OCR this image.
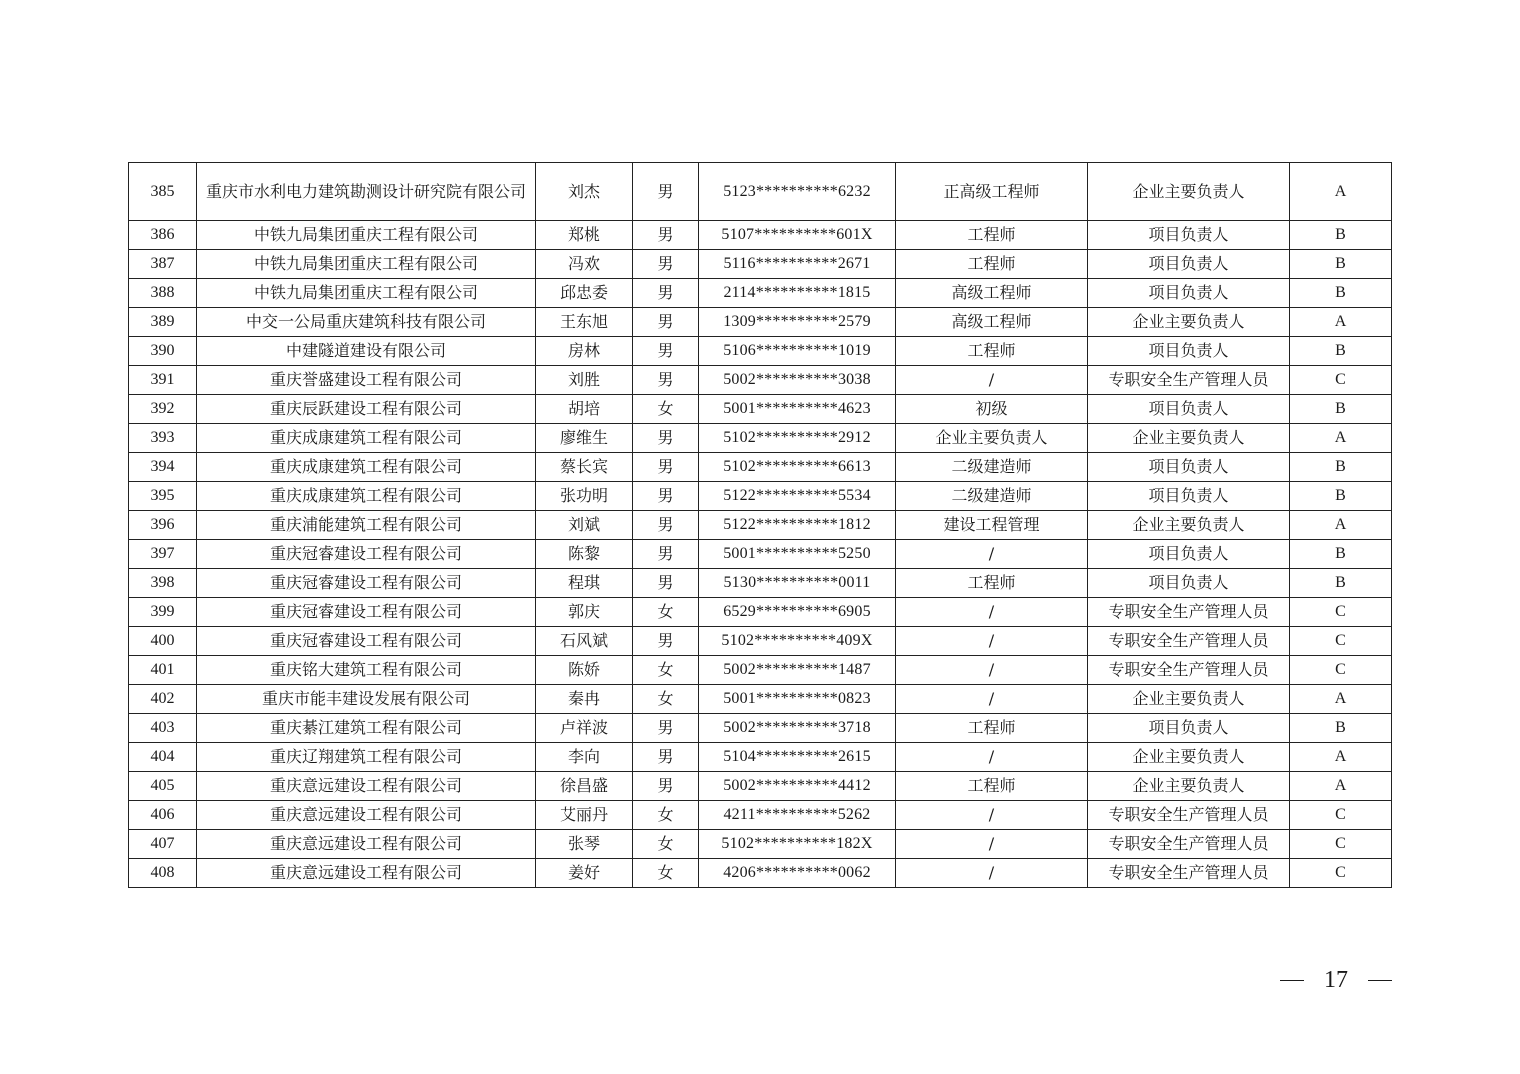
385	重庆市水利电力建筑勘测设计研究院有限公司	刘杰	男	5123**********6232	正高级工程师	企业主要负责人	A
386	中铁九局集团重庆工程有限公司	郑桃	男	5107**********601X	工程师	项目负责人	B
387	中铁九局集团重庆工程有限公司	冯欢	男	5116**********2671	工程师	项目负责人	B
388	中铁九局集团重庆工程有限公司	邱忠委	男	2114**********1815	高级工程师	项目负责人	B
389	中交一公局重庆建筑科技有限公司	王东旭	男	1309**********2579	高级工程师	企业主要负责人	A
390	中建隧道建设有限公司	房林	男	5106**********1019	工程师	项目负责人	B
391	重庆誉盛建设工程有限公司	刘胜	男	5002**********3038	/	专职安全生产管理人员	C
392	重庆辰跃建设工程有限公司	胡培	女	5001**********4623	初级	项目负责人	B
393	重庆成康建筑工程有限公司	廖维生	男	5102**********2912	企业主要负责人	企业主要负责人	A
394	重庆成康建筑工程有限公司	蔡长宾	男	5102**********6613	二级建造师	项目负责人	B
395	重庆成康建筑工程有限公司	张功明	男	5122**********5534	二级建造师	项目负责人	B
396	重庆浦能建筑工程有限公司	刘斌	男	5122**********1812	建设工程管理	企业主要负责人	A
397	重庆冠睿建设工程有限公司	陈黎	男	5001**********5250	/	项目负责人	B
398	重庆冠睿建设工程有限公司	程琪	男	5130**********0011	工程师	项目负责人	B
399	重庆冠睿建设工程有限公司	郭庆	女	6529**********6905	/	专职安全生产管理人员	C
400	重庆冠睿建设工程有限公司	石风斌	男	5102**********409X	/	专职安全生产管理人员	C
401	重庆铭大建筑工程有限公司	陈娇	女	5002**********1487	/	专职安全生产管理人员	C
402	重庆市能丰建设发展有限公司	秦冉	女	5001**********0823	/	企业主要负责人	A
403	重庆綦江建筑工程有限公司	卢祥波	男	5002**********3718	工程师	项目负责人	B
404	重庆辽翔建筑工程有限公司	李向	男	5104**********2615	/	企业主要负责人	A
405	重庆意远建设工程有限公司	徐昌盛	男	5002**********4412	工程师	企业主要负责人	A
406	重庆意远建设工程有限公司	艾丽丹	女	4211**********5262	/	专职安全生产管理人员	C
407	重庆意远建设工程有限公司	张琴	女	5102**********182X	/	专职安全生产管理人员	C
408	重庆意远建设工程有限公司	姜好	女	4206**********0062	/	专职安全生产管理人员	C
17
